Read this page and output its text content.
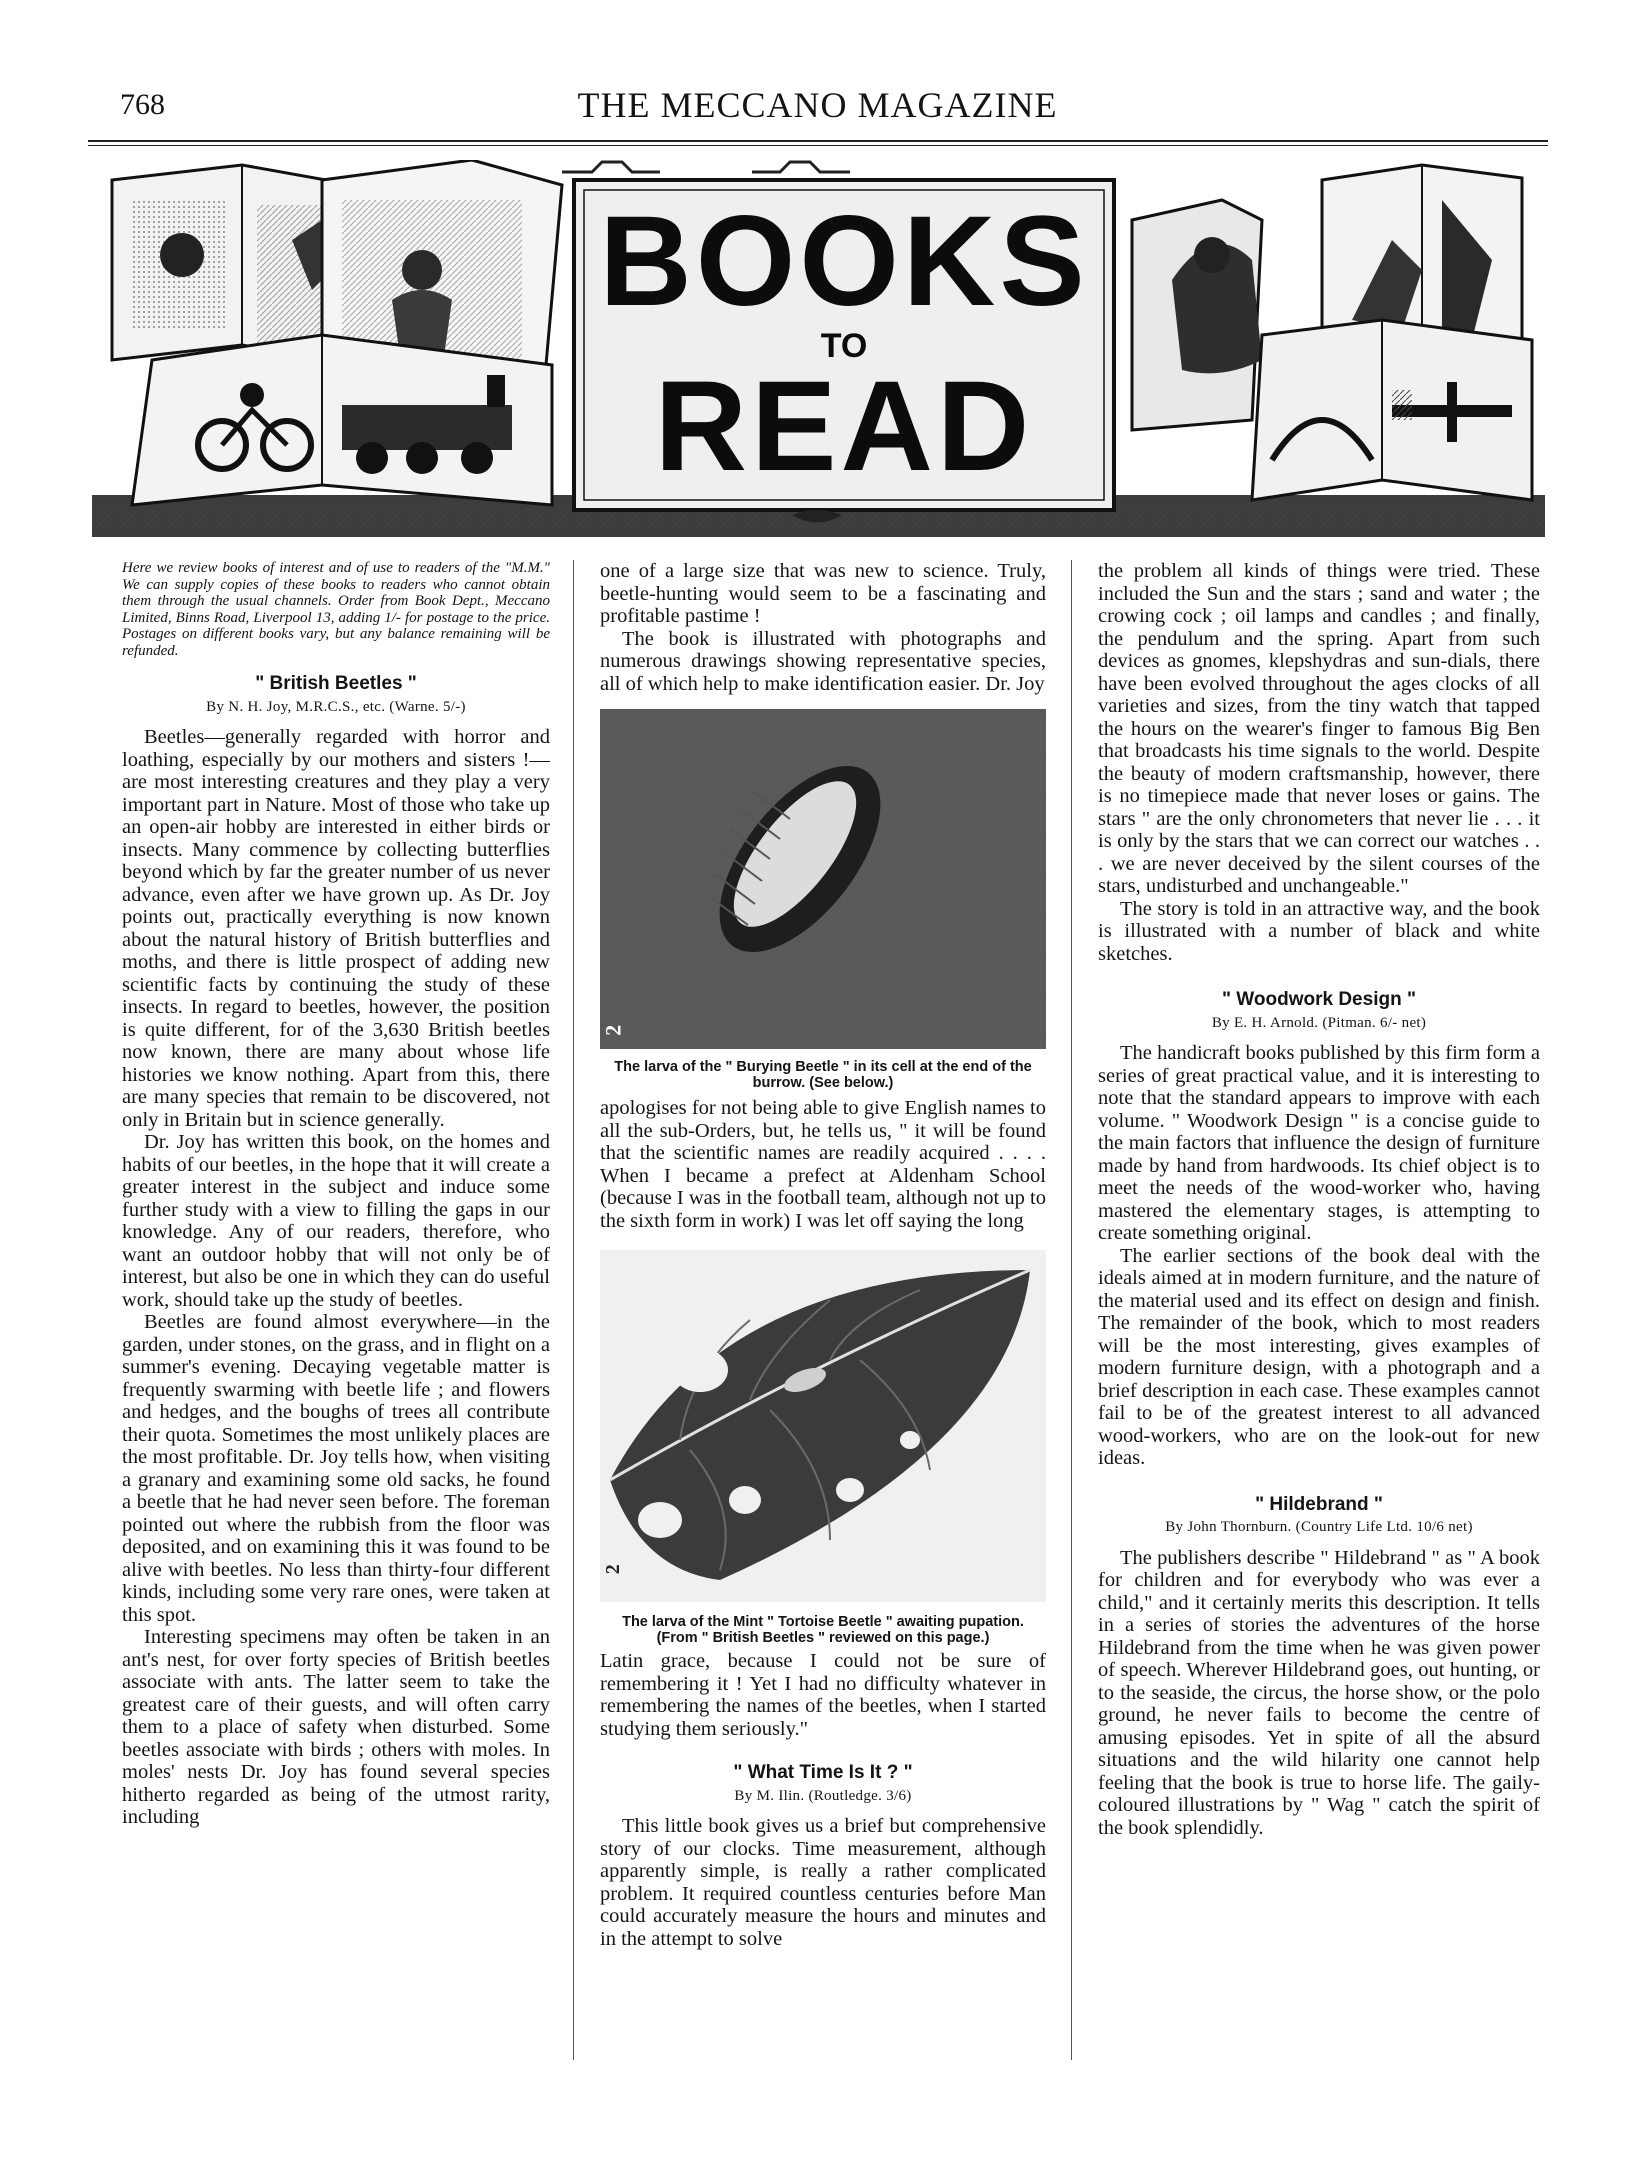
768	THE MECCANO MAGAZINE
BOOKS
TO
READ

Here we review books of interest and of use to readers of the "M.M." We can supply copies of these books to readers who cannot obtain them through the usual channels. Order from Book Dept., Meccano Limited, Binns Road, Liverpool 13, adding 1/- for postage to the price. Postages on different books vary, but any balance remaining will be refunded.

" British Beetles "

By N. H. Joy, M.R.C.S., etc. (Warne. 5/-)

Beetles—generally regarded with horror and loathing, especially by our mothers and sisters !—are most interesting creatures and they play a very important part in Nature. Most of those who take up an open-air hobby are interested in either birds or insects. Many commence by collecting butterflies beyond which by far the greater number of us never advance, even after we have grown up. As Dr. Joy points out, practically everything is now known about the natural history of British butterflies and moths, and there is little prospect of adding new scientific facts by continuing the study of these insects. In regard to beetles, however, the position is quite different, for of the 3,630 British beetles now known, there are many about whose life histories we know nothing. Apart from this, there are many species that remain to be discovered, not only in Britain but in science generally.

Dr. Joy has written this book, on the homes and habits of our beetles, in the hope that it will create a greater interest in the subject and induce some further study with a view to filling the gaps in our knowledge. Any of our readers, therefore, who want an outdoor hobby that will not only be of interest, but also be one in which they can do useful work, should take up the study of beetles.

Beetles are found almost everywhere—in the garden, under stones, on the grass, and in flight on a summer's evening. Decaying vegetable matter is frequently swarming with beetle life ; and flowers and hedges, and the boughs of trees all contribute their quota. Sometimes the most unlikely places are the most profitable. Dr. Joy tells how, when visiting a granary and examining some old sacks, he found a beetle that he had never seen before. The foreman pointed out where the rubbish from the floor was deposited, and on examining this it was found to be alive with beetles. No less than thirty-four different kinds, including some very rare ones, were taken at this spot.

Interesting specimens may often be taken in an ant's nest, for over forty species of British beetles associate with ants. The latter seem to take the greatest care of their guests, and will often carry them to a place of safety when disturbed. Some beetles associate with birds ; others with moles. In moles' nests Dr. Joy has found several species hitherto regarded as being of the utmost rarity, including

one of a large size that was new to science. Truly, beetle-hunting would seem to be a fascinating and profitable pastime !

The book is illustrated with photographs and numerous drawings showing representative species, all of which help to make identification easier. Dr. Joy

2
The larva of the " Burying Beetle " in its cell at the end of the burrow. (See below.)

apologises for not being able to give English names to all the sub-Orders, but, he tells us, " it will be found that the scientific names are readily acquired . . . . When I became a prefect at Aldenham School (because I was in the football team, although not up to the sixth form in work) I was let off saying the long

2
The larva of the Mint " Tortoise Beetle " awaiting pupation. (From " British Beetles " reviewed on this page.)

Latin grace, because I could not be sure of remembering it ! Yet I had no difficulty whatever in remembering the names of the beetles, when I started studying them seriously."

" What Time Is It ? "

By M. Ilin. (Routledge. 3/6)

This little book gives us a brief but comprehensive story of our clocks. Time measurement, although apparently simple, is really a rather complicated problem. It required countless centuries before Man could accurately measure the hours and minutes and in the attempt to solve

the problem all kinds of things were tried. These included the Sun and the stars ; sand and water ; the crowing cock ; oil lamps and candles ; and finally, the pendulum and the spring. Apart from such devices as gnomes, klepshydras and sun-dials, there have been evolved throughout the ages clocks of all varieties and sizes, from the tiny watch that tapped the hours on the wearer's finger to famous Big Ben that broadcasts his time signals to the world. Despite the beauty of modern craftsmanship, however, there is no timepiece made that never loses or gains. The stars " are the only chronometers that never lie . . . it is only by the stars that we can correct our watches . . . we are never deceived by the silent courses of the stars, undisturbed and unchangeable."

The story is told in an attractive way, and the book is illustrated with a number of black and white sketches.

" Woodwork Design "

By E. H. Arnold. (Pitman. 6/- net)

The handicraft books published by this firm form a series of great practical value, and it is interesting to note that the standard appears to improve with each volume. " Woodwork Design " is a concise guide to the main factors that influence the design of furniture made by hand from hardwoods. Its chief object is to meet the needs of the wood-worker who, having mastered the elementary stages, is attempting to create something original.

The earlier sections of the book deal with the ideals aimed at in modern furniture, and the nature of the material used and its effect on design and finish. The remainder of the book, which to most readers will be the most interesting, gives examples of modern furniture design, with a photograph and a brief description in each case. These examples cannot fail to be of the greatest interest to all advanced wood-workers, who are on the look-out for new ideas.

" Hildebrand "

By John Thornburn. (Country Life Ltd. 10/6 net)

The publishers describe " Hildebrand " as " A book for children and for everybody who was ever a child," and it certainly merits this description. It tells in a series of stories the adventures of the horse Hildebrand from the time when he was given power of speech. Wherever Hildebrand goes, out hunting, or to the seaside, the circus, the horse show, or the polo ground, he never fails to become the centre of amusing episodes. Yet in spite of all the absurd situations and the wild hilarity one cannot help feeling that the book is true to horse life. The gaily-coloured illustrations by " Wag " catch the spirit of the book splendidly.
